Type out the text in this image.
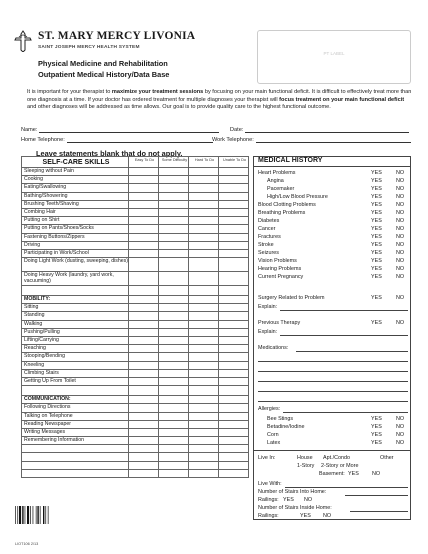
ST. MARY MERCY LIVONIA
SAINT JOSEPH MERCY HEALTH SYSTEM
Physical Medicine and Rehabilitation
Outpatient Medical History/Data Base
PT LABEL
It is important for your therapist to maximize your treatment sessions by focusing on your main functional deficit. It is difficult to effectively treat more than one diagnosis at a time. If your doctor has ordered treatment for multiple diagnoses your therapist will focus treatment on your main functional deficit and other diagnoses will be addressed as time allows. Our goal is to provide quality care to the highest functional outcome.
Name:	Date:
Home Telephone:	Work Telephone:
Leave statements blank that do not apply.
SELF-CARE SKILLS	Easy To Do	Some Difficulty	Hard To Do	Unable To Do
Sleeping without Pain				
Cooking				
Eating/Swallowing				
Bathing/Showering				
Brushing Teeth/Shaving				
Combing Hair				
Putting on Shirt				
Putting on Pants/Shoes/Socks				
Fastening Buttons/Zippers				
Driving				
Participating in Work/School				
Doing Light Work (dusting, sweeping, dishes)				
Doing Heavy Work (laundry, yard work, vacuuming)				

MOBILITY:				
Sitting				
Standing				
Walking				
Pushing/Pulling				
Lifting/Carrying				
Reaching				
Stooping/Bending				
Kneeling				
Climbing Stairs				
Getting Up From Toilet				

COMMUNICATION:				
Following Directions				
Talking on Telephone				
Reading Newspaper				
Writing Messages				
Remembering Information				

MEDICAL HISTORY
Heart Problems	YES	NO
Angina	YES	NO
Pacemaker	YES	NO
High/Low Blood Pressure	YES	NO
Blood Clotting Problems	YES	NO
Breathing Problems	YES	NO
Diabetes	YES	NO
Cancer	YES	NO
Fractures	YES	NO
Stroke	YES	NO
Seizures	YES	NO
Vision Problems	YES	NO
Hearing Problems	YES	NO
Current Pregnancy	YES	NO
Surgery Related to Problem	YES	NO
Explain:
Previous Therapy	YES	NO
Explain:
Medications:
Allergies:
Bee Stings	YES	NO
Betadine/Iodine	YES	NO
Corn	YES	NO
Latex	YES	NO
Live In:	House Apt./Condo	Other
1-Story 2-Story or More
Basement: YES NO
Live With:
Number of Stairs Into Home:
Railings: YES NO
Number of Stairs Inside Home:
Railings:	YES NO
LIOT106 2/13
